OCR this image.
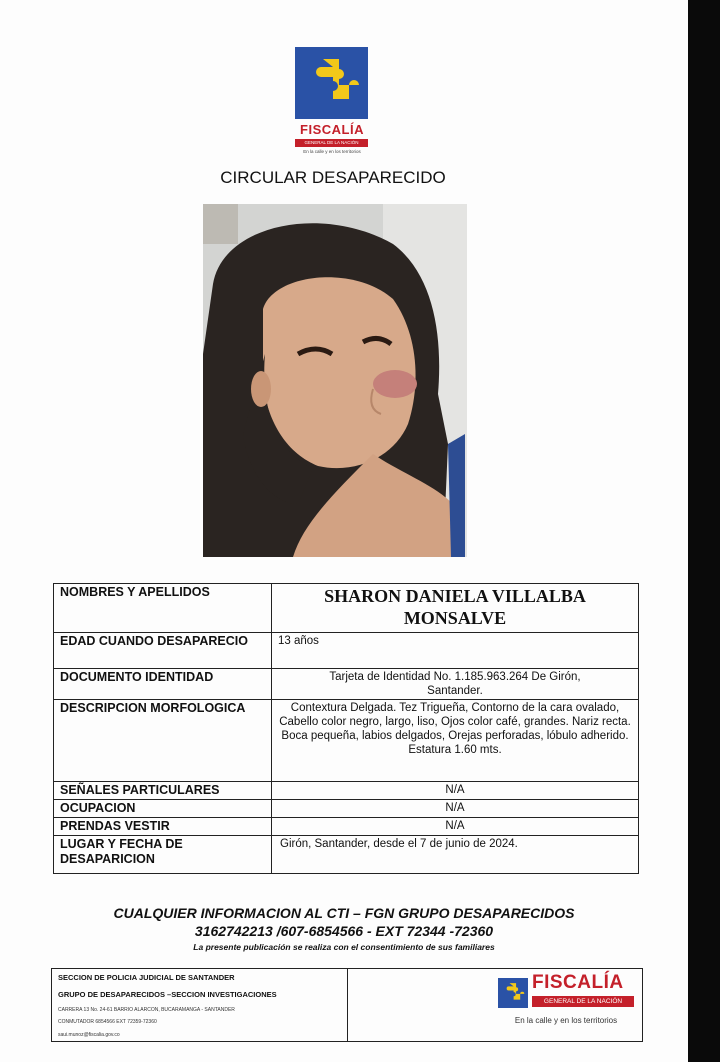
FISCALÍA
GENERAL DE LA NACIÓN
En la calle y en los territorios
CIRCULAR DESAPARECIDO
NOMBRES Y APELLIDOS	SHARON DANIELA VILLALBA MONSALVE

EDAD CUANDO DESAPARECIO	13 años
DOCUMENTO IDENTIDAD	Tarjeta de Identidad No. 1.185.963.264 De Girón, Santander.
DESCRIPCION MORFOLOGICA	Contextura Delgada. Tez Trigueña, Contorno de la cara ovalado, Cabello color negro, largo, liso, Ojos color café, grandes. Nariz recta. Boca pequeña, labios delgados, Orejas perforadas, lóbulo adherido. Estatura 1.60 mts.
SEÑALES PARTICULARES	N/A
OCUPACION	N/A
PRENDAS VESTIR	N/A
LUGAR Y FECHA DE DESAPARICION	Girón, Santander, desde el 7 de junio de 2024.
CUALQUIER INFORMACION AL CTI – FGN GRUPO DESAPARECIDOS
3162742213 /607-6854566 - EXT 72344 -72360
La presente publicación se realiza con el consentimiento de sus familiares
SECCION DE POLICIA JUDICIAL DE SANTANDER
GRUPO DE DESAPARECIDOS –SECCION INVESTIGACIONES
CARRERA 13 No. 24-61 BARRIO ALARCON, BUCARAMANGA - SANTANDER
CONMUTADOR 6854566 EXT 72359-72360
saui.munoz@fiscalia.gov.co
FISCALÍA
GENERAL DE LA NACIÓN
En la calle y en los territorios
